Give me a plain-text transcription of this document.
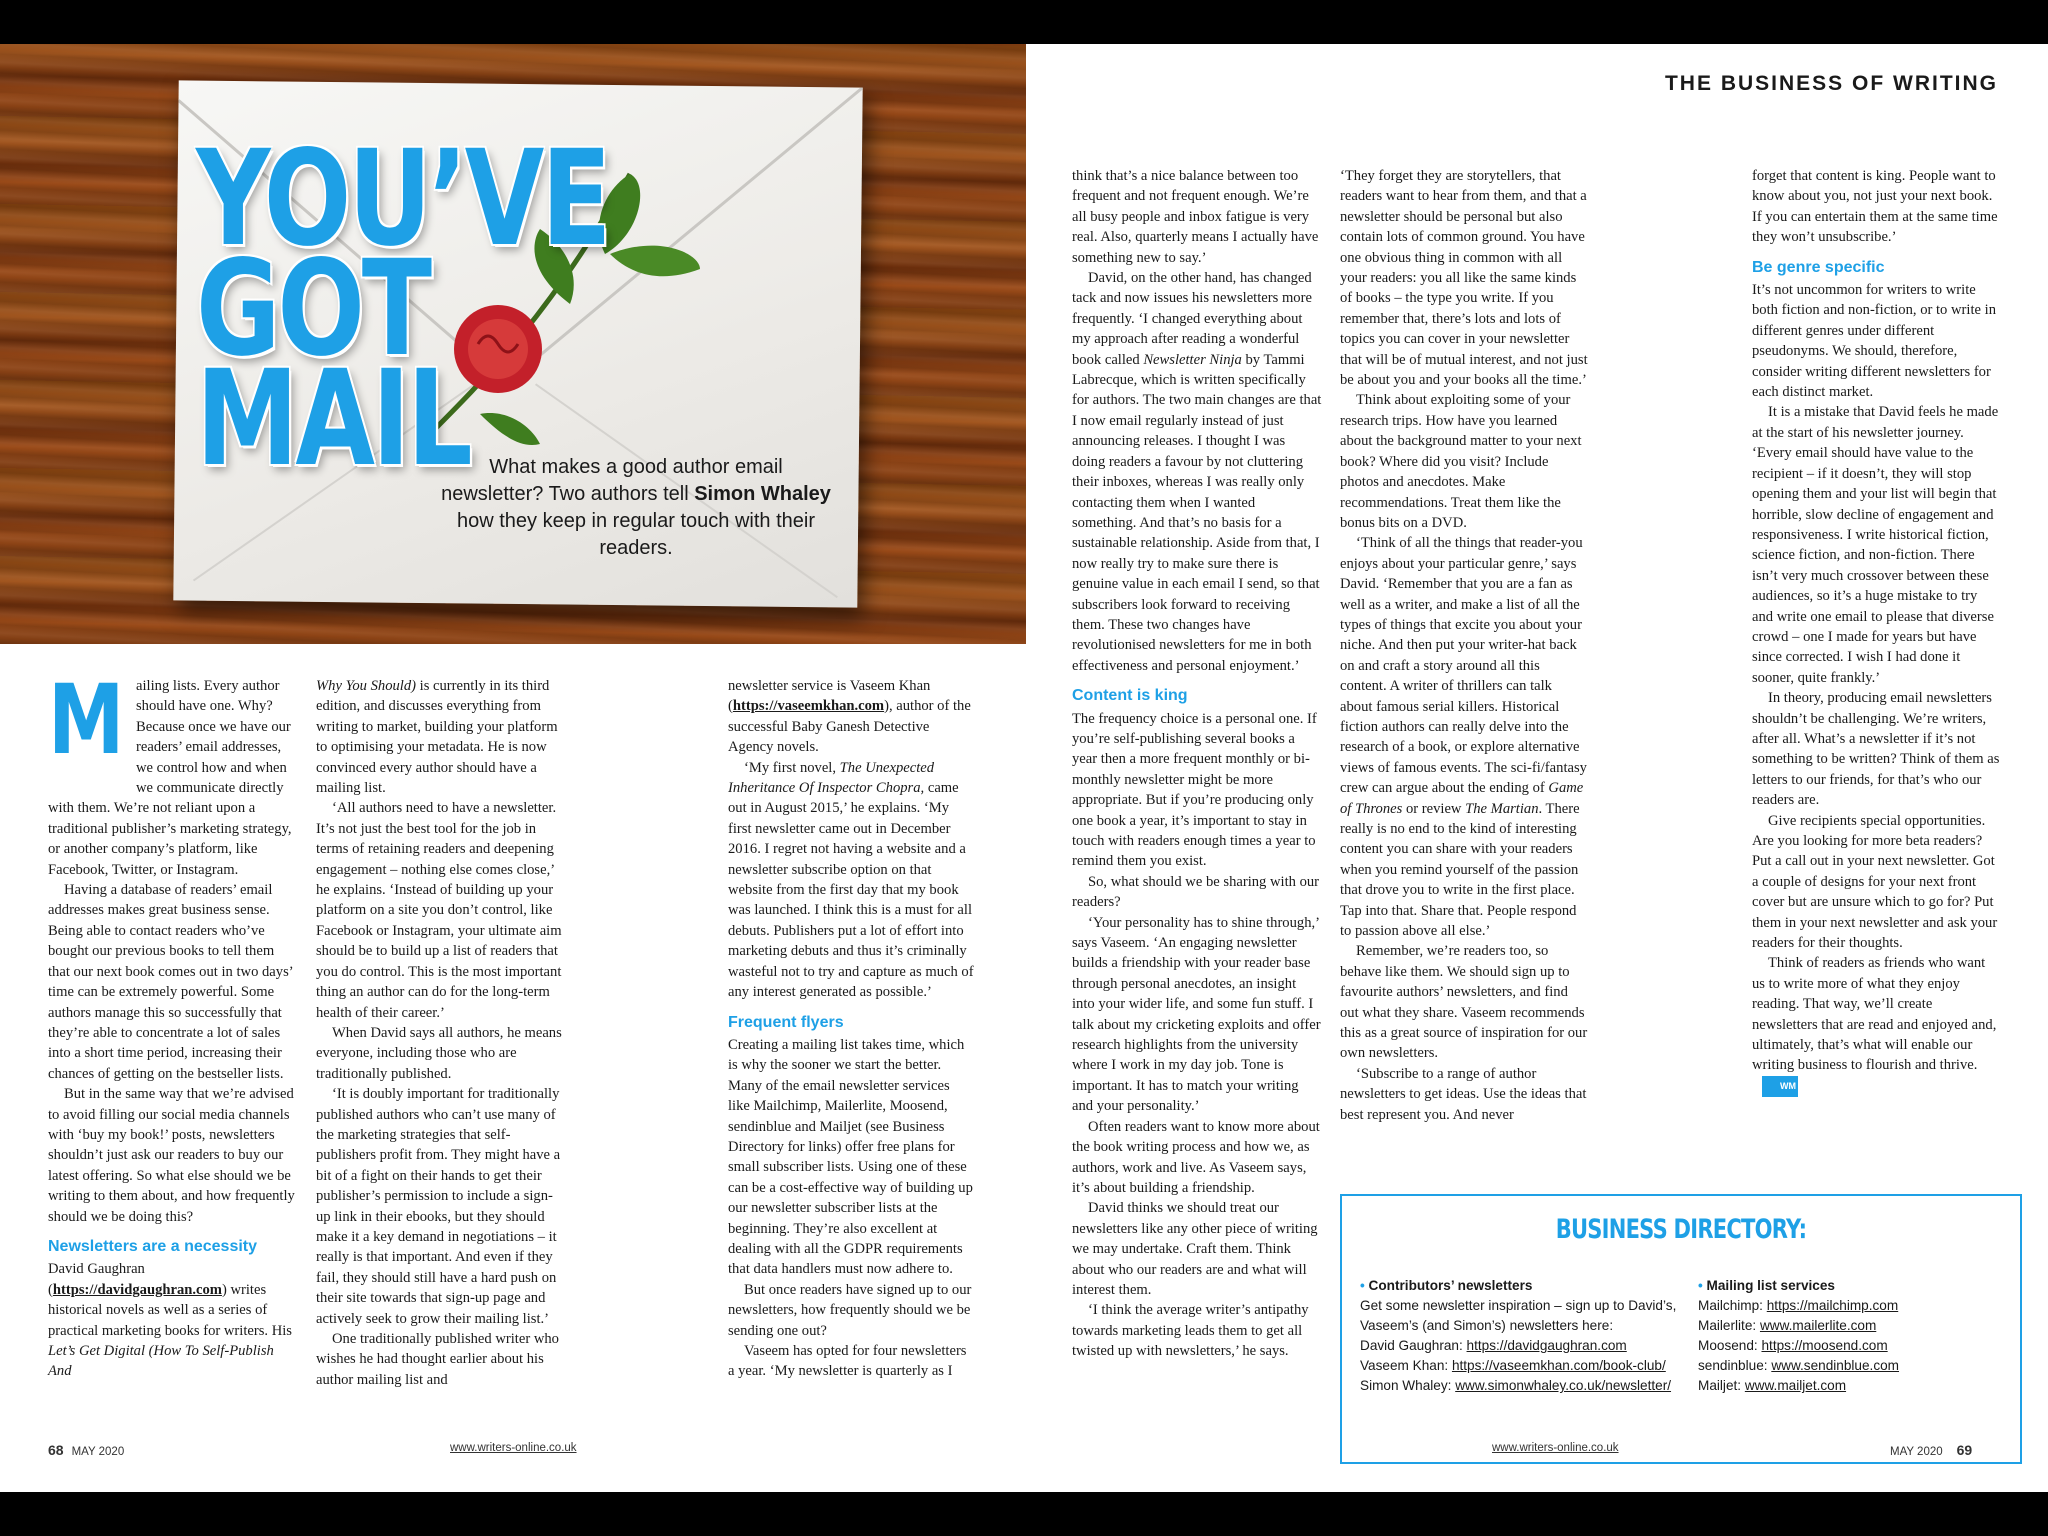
YOU’VE
GOT
MAIL What makes a good author email newsletter? Two authors tell Simon Whaley how they keep in regular touch with their readers.
THE BUSINESS OF WRITING
M ailing lists. Every author should have one. Why? Because once we have our readers’ email addresses, we control how and when we communicate directly with them. We’re not reliant upon a traditional publisher’s marketing strategy, or another company’s platform, like Facebook, Twitter, or Instagram.

Having a database of readers’ email addresses makes great business sense. Being able to contact readers who’ve bought our previous books to tell them that our next book comes out in two days’ time can be extremely powerful. Some authors manage this so successfully that they’re able to concentrate a lot of sales into a short time period, increasing their chances of getting on the bestseller lists.

But in the same way that we’re advised to avoid filling our social media channels with ‘buy my book!’ posts, newsletters shouldn’t just ask our readers to buy our latest offering. So what else should we be writing to them about, and how frequently should we be doing this?

Newsletters are a necessity

David Gaughran (https://davidgaughran.com) writes historical novels as well as a series of practical marketing books for writers. His Let’s Get Digital (How To Self-Publish And

Why You Should) is currently in its third edition, and discusses everything from writing to market, building your platform to optimising your metadata. He is now convinced every author should have a mailing list.

‘All authors need to have a newsletter. It’s not just the best tool for the job in terms of retaining readers and deepening engagement – nothing else comes close,’ he explains. ‘Instead of building up your platform on a site you don’t control, like Facebook or Instagram, your ultimate aim should be to build up a list of readers that you do control. This is the most important thing an author can do for the long-term health of their career.’

When David says all authors, he means everyone, including those who are traditionally published.

‘It is doubly important for traditionally published authors who can’t use many of the marketing strategies that self-publishers profit from. They might have a bit of a fight on their hands to get their publisher’s permission to include a sign-up link in their ebooks, but they should make it a key demand in negotiations – it really is that important. And even if they fail, they should still have a hard push on their site towards that sign-up page and actively seek to grow their mailing list.’

One traditionally published writer who wishes he had thought earlier about his author mailing list and

newsletter service is Vaseem Khan (https://vaseemkhan.com), author of the successful Baby Ganesh Detective Agency novels.

‘My first novel, The Unexpected Inheritance Of Inspector Chopra, came out in August 2015,’ he explains. ‘My first newsletter came out in December 2016. I regret not having a website and a newsletter subscribe option on that website from the first day that my book was launched. I think this is a must for all debuts. Publishers put a lot of effort into marketing debuts and thus it’s criminally wasteful not to try and capture as much of any interest generated as possible.’

Frequent flyers

Creating a mailing list takes time, which is why the sooner we start the better. Many of the email newsletter services like Mailchimp, Mailerlite, Moosend, sendinblue and Mailjet (see Business Directory for links) offer free plans for small subscriber lists. Using one of these can be a cost-effective way of building up our newsletter subscriber lists at the beginning. They’re also excellent at dealing with all the GDPR requirements that data handlers must now adhere to.

But once readers have signed up to our newsletters, how frequently should we be sending one out?

Vaseem has opted for four newsletters a year. ‘My newsletter is quarterly as I

think that’s a nice balance between too frequent and not frequent enough. We’re all busy people and inbox fatigue is very real. Also, quarterly means I actually have something new to say.’

David, on the other hand, has changed tack and now issues his newsletters more frequently. ‘I changed everything about my approach after reading a wonderful book called Newsletter Ninja by Tammi Labrecque, which is written specifically for authors. The two main changes are that I now email regularly instead of just announcing releases. I thought I was doing readers a favour by not cluttering their inboxes, whereas I was really only contacting them when I wanted something. And that’s no basis for a sustainable relationship. Aside from that, I now really try to make sure there is genuine value in each email I send, so that subscribers look forward to receiving them. These two changes have revolutionised newsletters for me in both effectiveness and personal enjoyment.’

Content is king

The frequency choice is a personal one. If you’re self-publishing several books a year then a more frequent monthly or bi-monthly newsletter might be more appropriate. But if you’re producing only one book a year, it’s important to stay in touch with readers enough times a year to remind them you exist.

So, what should we be sharing with our readers?

‘Your personality has to shine through,’ says Vaseem. ‘An engaging newsletter builds a friendship with your reader base through personal anecdotes, an insight into your wider life, and some fun stuff. I talk about my cricketing exploits and offer research highlights from the university where I work in my day job. Tone is important. It has to match your writing and your personality.’

Often readers want to know more about the book writing process and how we, as authors, work and live. As Vaseem says, it’s about building a friendship.

David thinks we should treat our newsletters like any other piece of writing we may undertake. Craft them. Think about who our readers are and what will interest them.

‘I think the average writer’s antipathy towards marketing leads them to get all twisted up with newsletters,’ he says.

‘They forget they are storytellers, that readers want to hear from them, and that a newsletter should be personal but also contain lots of common ground. You have one obvious thing in common with all your readers: you all like the same kinds of books – the type you write. If you remember that, there’s lots and lots of topics you can cover in your newsletter that will be of mutual interest, and not just be about you and your books all the time.’

Think about exploiting some of your research trips. How have you learned about the background matter to your next book? Where did you visit? Include photos and anecdotes. Make recommendations. Treat them like the bonus bits on a DVD.

‘Think of all the things that reader-you enjoys about your particular genre,’ says David. ‘Remember that you are a fan as well as a writer, and make a list of all the types of things that excite you about your niche. And then put your writer-hat back on and craft a story around all this content. A writer of thrillers can talk about famous serial killers. Historical fiction authors can really delve into the research of a book, or explore alternative views of famous events. The sci-fi/fantasy crew can argue about the ending of Game of Thrones or review The Martian. There really is no end to the kind of interesting content you can share with your readers when you remind yourself of the passion that drove you to write in the first place. Tap into that. Share that. People respond to passion above all else.’

Remember, we’re readers too, so behave like them. We should sign up to favourite authors’ newsletters, and find out what they share. Vaseem recommends this as a great source of inspiration for our own newsletters.

‘Subscribe to a range of author newsletters to get ideas. Use the ideas that best represent you. And never

forget that content is king. People want to know about you, not just your next book. If you can entertain them at the same time they won’t unsubscribe.’

Be genre specific

It’s not uncommon for writers to write both fiction and non-fiction, or to write in different genres under different pseudonyms. We should, therefore, consider writing different newsletters for each distinct market.

It is a mistake that David feels he made at the start of his newsletter journey. ‘Every email should have value to the recipient – if it doesn’t, they will stop opening them and your list will begin that horrible, slow decline of engagement and responsiveness. I write historical fiction, science fiction, and non-fiction. There isn’t very much crossover between these audiences, so it’s a huge mistake to try and write one email to please that diverse crowd – one I made for years but have since corrected. I wish I had done it sooner, quite frankly.’

In theory, producing email newsletters shouldn’t be challenging. We’re writers, after all. What’s a newsletter if it’s not something to be written? Think of them as letters to our friends, for that’s who our readers are.

Give recipients special opportunities. Are you looking for more beta readers? Put a call out in your next newsletter. Got a couple of designs for your next front cover but are unsure which to go for? Put them in your next newsletter and ask your readers for their thoughts.

Think of readers as friends who want us to write more of what they enjoy reading. That way, we’ll create newsletters that are read and enjoyed and, ultimately, that’s what will enable our writing business to flourish and thrive.WM

BUSINESS DIRECTORY:
• Contributors’ newsletters
Get some newsletter inspiration – sign up to David’s, Vaseem’s (and Simon’s) newsletters here:
David Gaughran: https://davidgaughran.com
Vaseem Khan: https://vaseemkhan.com/book-club/
Simon Whaley: www.simonwhaley.co.uk/newsletter/
• Mailing list services
Mailchimp: https://mailchimp.com
Mailerlite: www.mailerlite.com
Moosend: https://moosend.com
sendinblue: www.sendinblue.com
Mailjet: www.mailjet.com
68 MAY 2020	www.writers-online.co.uk	www.writers-online.co.uk	MAY 2020 69
